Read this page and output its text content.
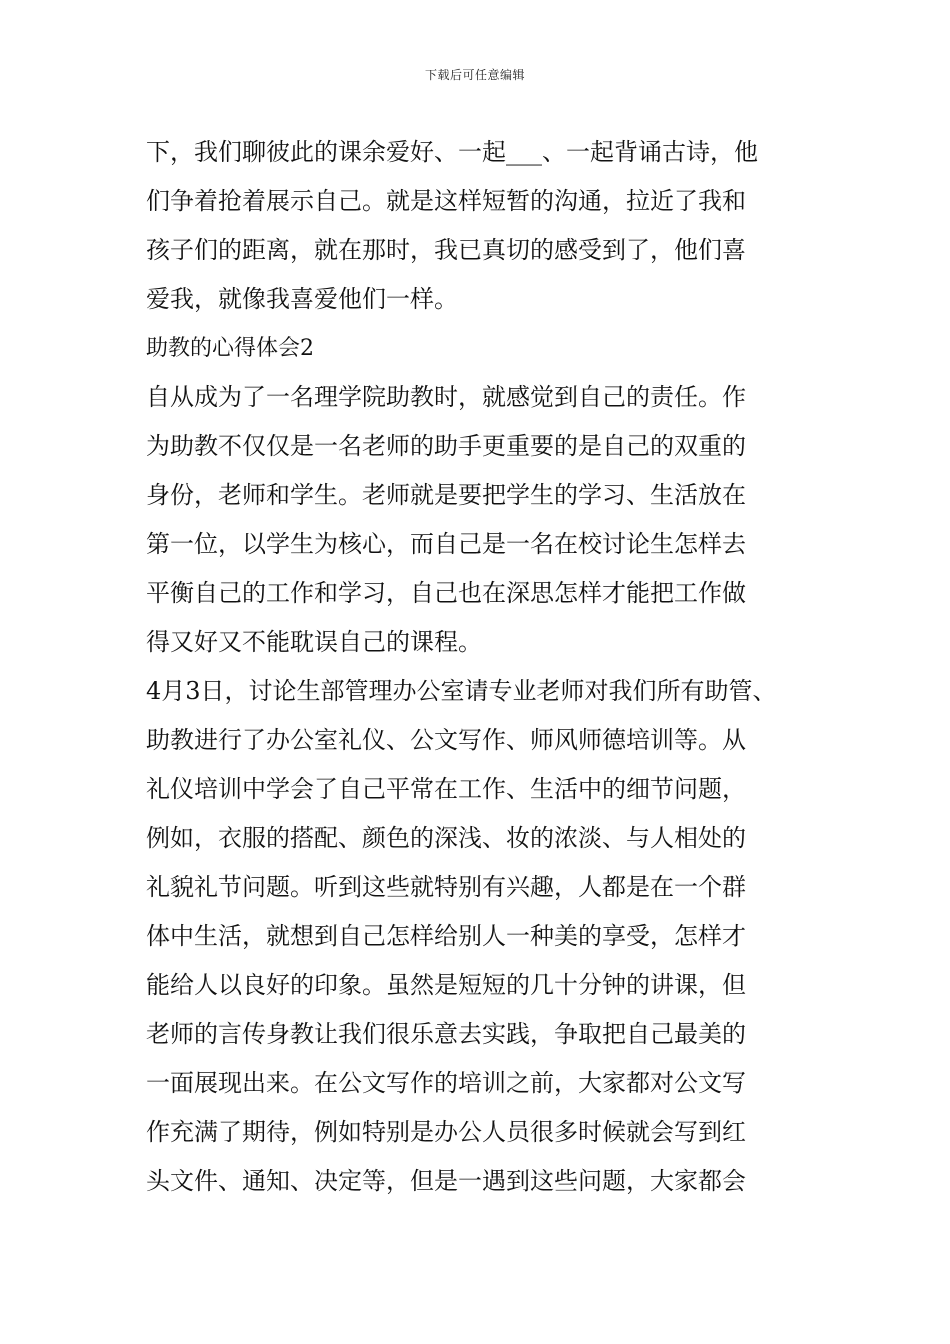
下载后可任意编辑
下，我们聊彼此的课余爱好、一起___、一起背诵古诗，他
们争着抢着展示自己。就是这样短暂的沟通，拉近了我和
孩子们的距离，就在那时，我已真切的感受到了，他们喜
爱我，就像我喜爱他们一样。
助教的心得体会2
自从成为了一名理学院助教时，就感觉到自己的责任。作
为助教不仅仅是一名老师的助手更重要的是自己的双重的
身份，老师和学生。老师就是要把学生的学习、生活放在
第一位，以学生为核心，而自己是一名在校讨论生怎样去
平衡自己的工作和学习，自己也在深思怎样才能把工作做
得又好又不能耽误自己的课程。
4月3日，讨论生部管理办公室请专业老师对我们所有助管、
助教进行了办公室礼仪、公文写作、师风师德培训等。从
礼仪培训中学会了自己平常在工作、生活中的细节问题，
例如，衣服的搭配、颜色的深浅、妆的浓淡、与人相处的
礼貌礼节问题。听到这些就特别有兴趣，人都是在一个群
体中生活，就想到自己怎样给别人一种美的享受，怎样才
能给人以良好的印象。虽然是短短的几十分钟的讲课，但
老师的言传身教让我们很乐意去实践，争取把自己最美的
一面展现出来。在公文写作的培训之前，大家都对公文写
作充满了期待，例如特别是办公人员很多时候就会写到红
头文件、通知、决定等，但是一遇到这些问题，大家都会
